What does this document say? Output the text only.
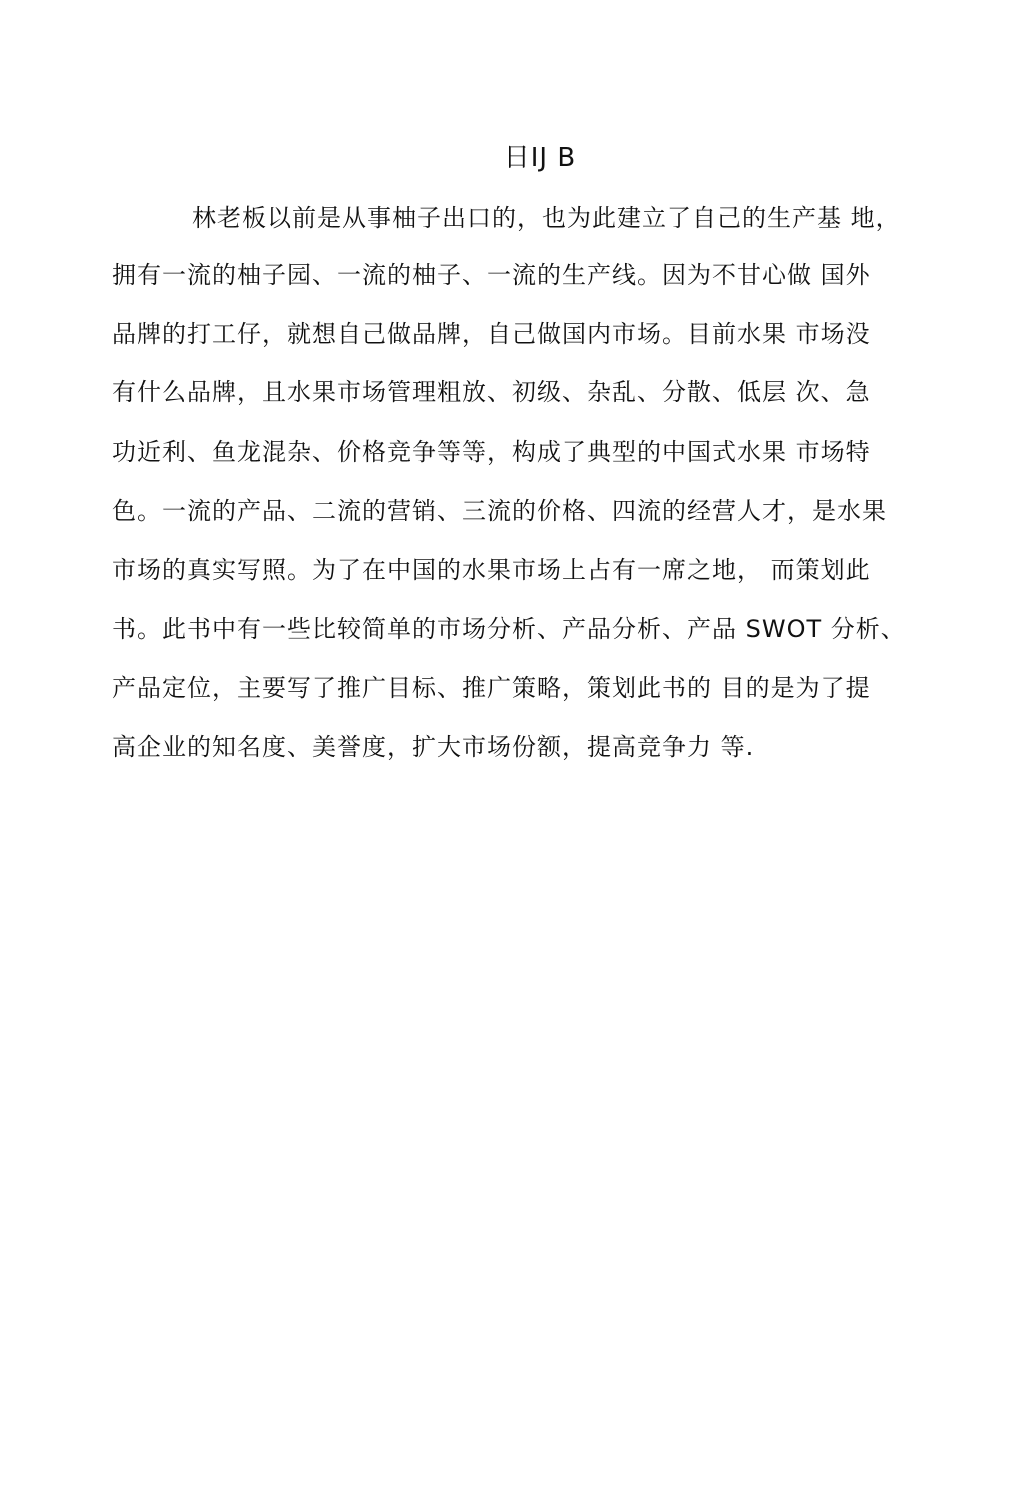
日IJ B
林老板以前是从事柚子出口的，也为此建立了自己的生产基 地，
拥有一流的柚子园、一流的柚子、一流的生产线。因为不甘心做 国外
品牌的打工仔，就想自己做品牌，自己做国内市场。目前水果 市场没
有什么品牌，且水果市场管理粗放、初级、杂乱、分散、低层 次、急
功近利、鱼龙混杂、价格竞争等等，构成了典型的中国式水果 市场特
色。一流的产品、二流的营销、三流的价格、四流的经营人才，是水果
市场的真实写照。为了在中国的水果市场上占有一席之地， 而策划此
书。此书中有一些比较简单的市场分析、产品分析、产品 SWOT 分析、
产品定位，主要写了推广目标、推广策略，策划此书的 目的是为了提
高企业的知名度、美誉度，扩大市场份额，提高竞争力 等.
